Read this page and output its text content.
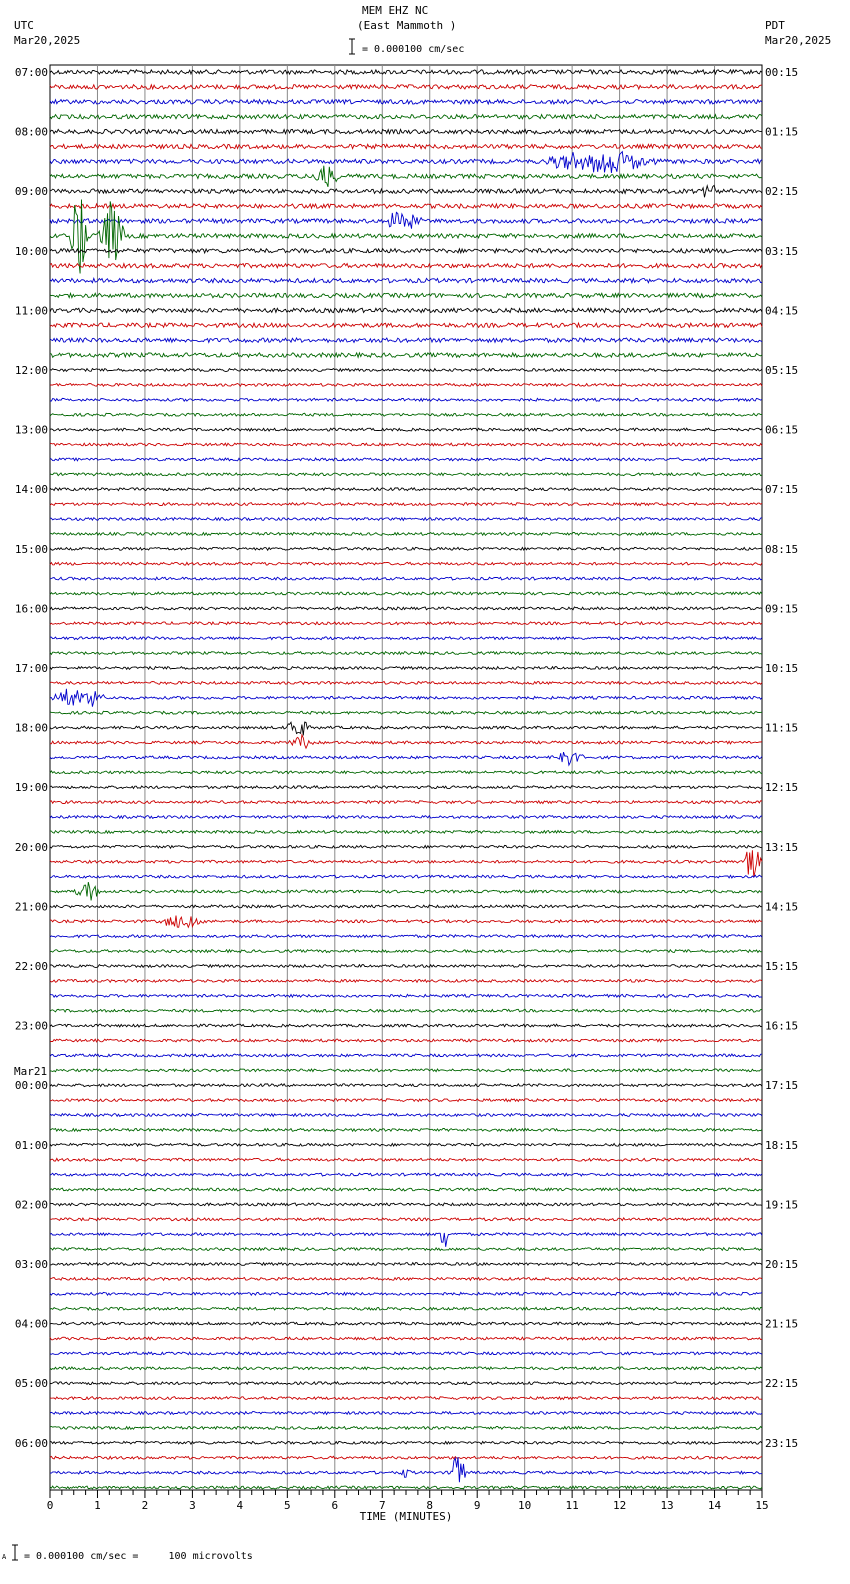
MEM EHZ NC
(East Mammoth )
= 0.000100 cm/sec
UTC
Mar20,2025
PDT
Mar20,2025
07:00
08:00
09:00
10:00
11:00
12:00
13:00
14:00
15:00
16:00
17:00
18:00
19:00
20:00
21:00
22:00
23:00
00:00
Mar21
01:00
02:00
03:00
04:00
05:00
06:00
00:15
01:15
02:15
03:15
04:15
05:15
06:15
07:15
08:15
09:15
10:15
11:15
12:15
13:15
14:15
15:15
16:15
17:15
18:15
19:15
20:15
21:15
22:15
23:15
0	1	2	3	4	5	6	7	8	9	10	11	12	13	14	15
TIME (MINUTES)
A = 0.000100 cm/sec =     100 microvolts
